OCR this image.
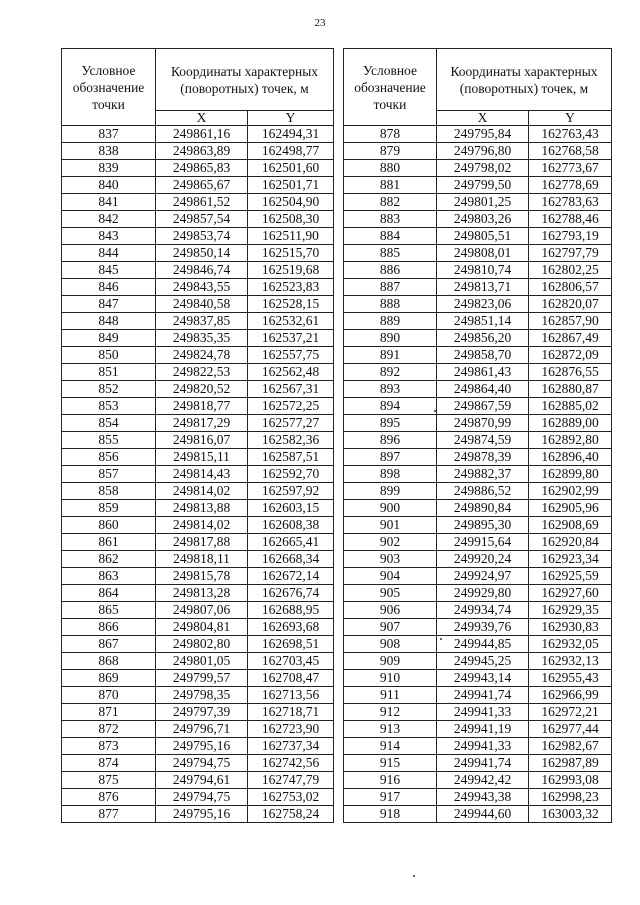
23
Условное обозначение точки	Координаты характерных (поворотных) точек, м	
	X	Y
837	249861,16	162494,31
838	249863,89	162498,77
839	249865,83	162501,60
840	249865,67	162501,71
841	249861,52	162504,90
842	249857,54	162508,30
843	249853,74	162511,90
844	249850,14	162515,70
845	249846,74	162519,68
846	249843,55	162523,83
847	249840,58	162528,15
848	249837,85	162532,61
849	249835,35	162537,21
850	249824,78	162557,75
851	249822,53	162562,48
852	249820,52	162567,31
853	249818,77	162572,25
854	249817,29	162577,27
855	249816,07	162582,36
856	249815,11	162587,51
857	249814,43	162592,70
858	249814,02	162597,92
859	249813,88	162603,15
860	249814,02	162608,38
861	249817,88	162665,41
862	249818,11	162668,34
863	249815,78	162672,14
864	249813,28	162676,74
865	249807,06	162688,95
866	249804,81	162693,68
867	249802,80	162698,51
868	249801,05	162703,45
869	249799,57	162708,47
870	249798,35	162713,56
871	249797,39	162718,71
872	249796,71	162723,90
873	249795,16	162737,34
874	249794,75	162742,56
875	249794,61	162747,79
876	249794,75	162753,02
877	249795,16	162758,24
Условное обозначение точки	Координаты характерных (поворотных) точек, м	
	X	Y
878	249795,84	162763,43
879	249796,80	162768,58
880	249798,02	162773,67
881	249799,50	162778,69
882	249801,25	162783,63
883	249803,26	162788,46
884	249805,51	162793,19
885	249808,01	162797,79
886	249810,74	162802,25
887	249813,71	162806,57
888	249823,06	162820,07
889	249851,14	162857,90
890	249856,20	162867,49
891	249858,70	162872,09
892	249861,43	162876,55
893	249864,40	162880,87
894	249867,59	162885,02
895	249870,99	162889,00
896	249874,59	162892,80
897	249878,39	162896,40
898	249882,37	162899,80
899	249886,52	162902,99
900	249890,84	162905,96
901	249895,30	162908,69
902	249915,64	162920,84
903	249920,24	162923,34
904	249924,97	162925,59
905	249929,80	162927,60
906	249934,74	162929,35
907	249939,76	162930,83
908	249944,85	162932,05
909	249945,25	162932,13
910	249943,14	162955,43
911	249941,74	162966,99
912	249941,33	162972,21
913	249941,19	162977,44
914	249941,33	162982,67
915	249941,74	162987,89
916	249942,42	162993,08
917	249943,38	162998,23
918	249944,60	163003,32
